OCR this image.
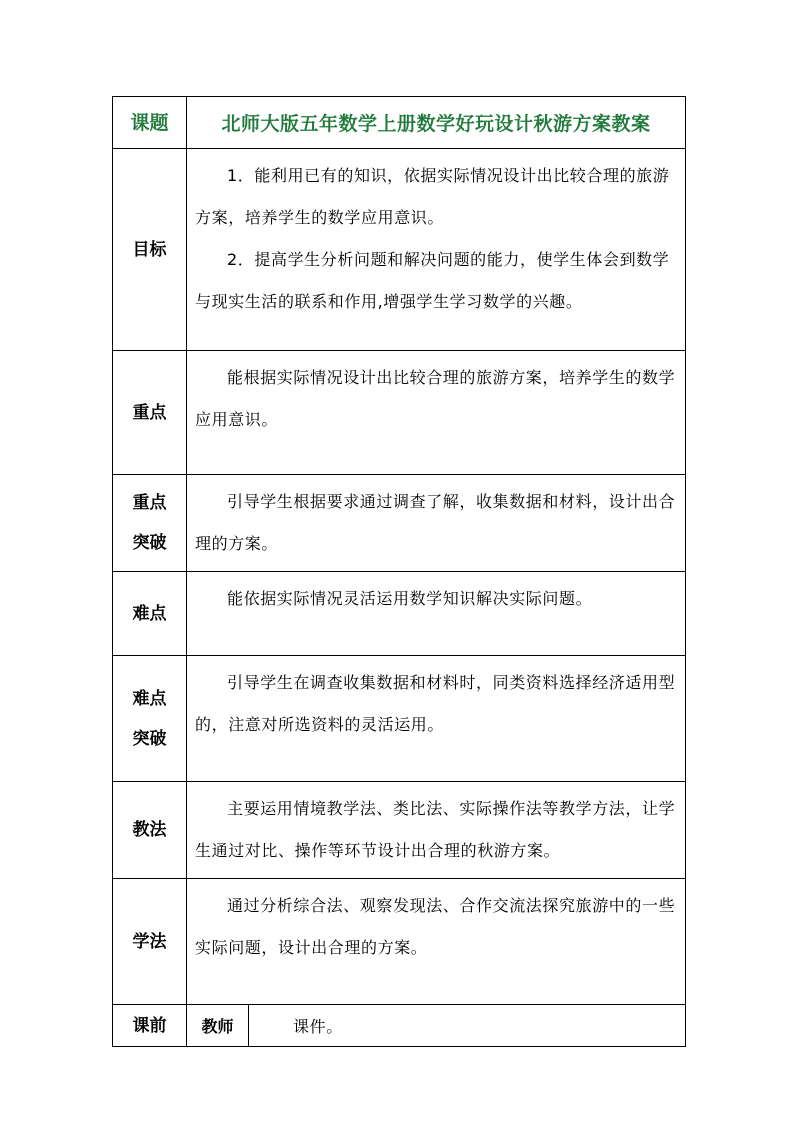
课题	北师大版五年数学上册数学好玩设计秋游方案教案	
目标	1．能利用已有的知识，依据实际情况设计出比较合理的旅游方案，培养学生的数学应用意识。

2．提高学生分析问题和解决问题的能力，使学生体会到数学与现实生活的联系和作用,增强学生学习数学的兴趣。	

重点	能根据实际情况设计出比较合理的旅游方案，培养学生的数学应用意识。	

重点
突破	引导学生根据要求通过调查了解，收集数据和材料，设计出合理的方案。	

难点	能依据实际情况灵活运用数学知识解决实际问题。	

难点
突破	引导学生在调查收集数据和材料时，同类资料选择经济适用型的，注意对所选资料的灵活运用。	

教法	主要运用情境教学法、类比法、实际操作法等教学方法，让学生通过对比、操作等环节设计出合理的秋游方案。	

学法	通过分析综合法、观察发现法、合作交流法探究旅游中的一些实际问题，设计出合理的方案。	

课前	教师	课件。
